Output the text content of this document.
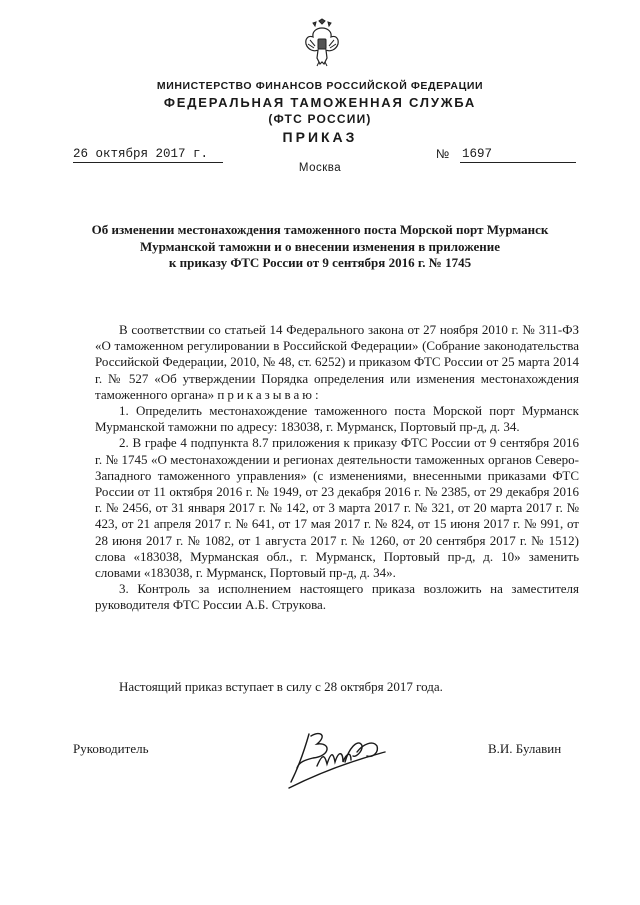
МИНИСТЕРСТВО ФИНАНСОВ РОССИЙСКОЙ ФЕДЕРАЦИИ
ФЕДЕРАЛЬНАЯ ТАМОЖЕННАЯ СЛУЖБА
(ФТС РОССИИ)
ПРИКАЗ
26 октября 2017 г.	№ 1697
Москва
Об изменении местонахождения таможенного поста Морской порт Мурманск
Мурманской таможни и о внесении изменения в приложение
к приказу ФТС России от 9 сентября 2016 г. № 1745

В соответствии со статьей 14 Федерального закона от 27 ноября 2010 г. № 311-ФЗ «О таможенном регулировании в Российской Федерации» (Собрание законодательства Российской Федерации, 2010, № 48, ст. 6252) и приказом ФТС России от 25 марта 2014 г. № 527 «Об утверждении Порядка определения или изменения местонахождения таможенного органа» приказываю:

1. Определить местонахождение таможенного поста Морской порт Мурманск Мурманской таможни по адресу: 183038, г. Мурманск, Портовый пр-д, д. 34.

2. В графе 4 подпункта 8.7 приложения к приказу ФТС России от 9 сентября 2016 г. № 1745 «О местонахождении и регионах деятельности таможенных органов Северо-Западного таможенного управления» (с изменениями, внесенными приказами ФТС России от 11 октября 2016 г. № 1949, от 23 декабря 2016 г. № 2385, от 29 декабря 2016 г. № 2456, от 31 января 2017 г. № 142, от 3 марта 2017 г. № 321, от 20 марта 2017 г. № 423, от 21 апреля 2017 г. № 641, от 17 мая 2017 г. № 824, от 15 июня 2017 г. № 991, от 28 июня 2017 г. № 1082, от 1 августа 2017 г. № 1260, от 20 сентября 2017 г. № 1512) слова «183038, Мурманская обл., г. Мурманск, Портовый пр-д, д. 10» заменить словами «183038, г. Мурманск, Портовый пр-д, д. 34».

3. Контроль за исполнением настоящего приказа возложить на заместителя руководителя ФТС России А.Б. Струкова.

Настоящий приказ вступает в силу с 28 октября 2017 года.
Руководитель	В.И. Булавин
